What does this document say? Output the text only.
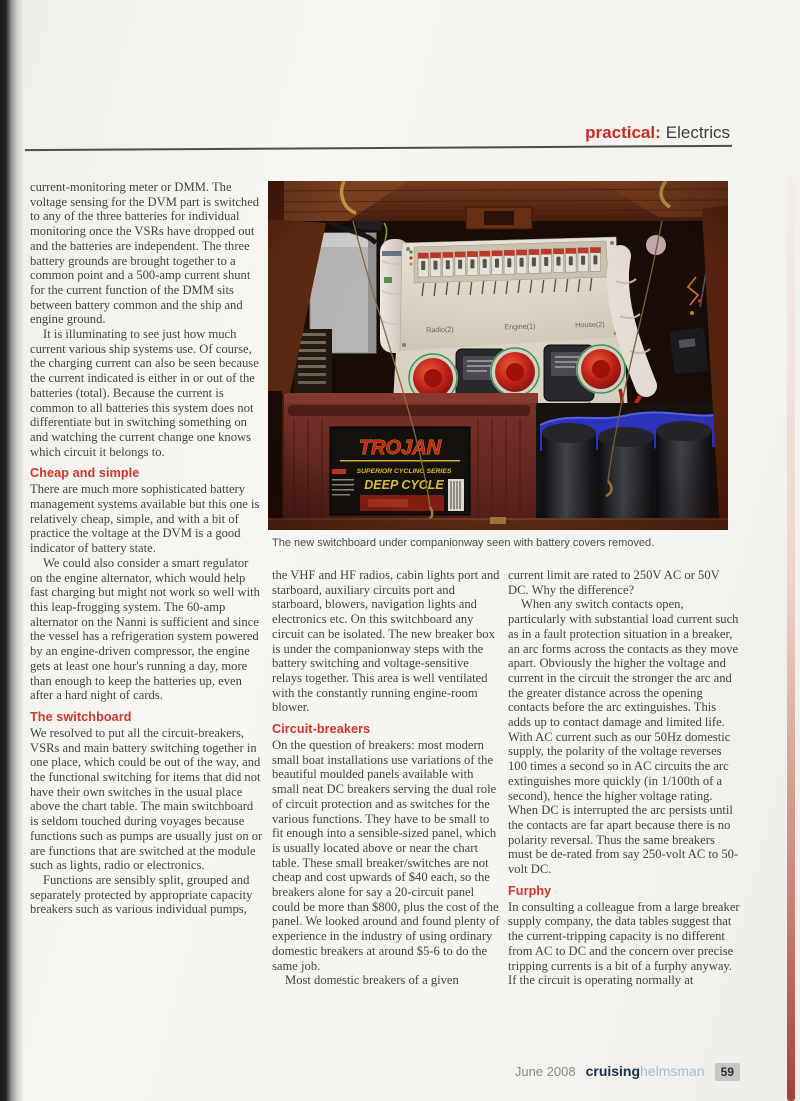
practical: Electrics
The new switchboard under companionway seen with battery covers removed.

current-monitoring meter or DMM. The voltage sensing for the DVM part is switched to any of the three batteries for individual monitoring once the VSRs have dropped out and the batteries are independent. The three battery grounds are brought together to a common point and a 500-amp current shunt for the current function of the DMM sits between battery common and the ship and engine ground.

It is illuminating to see just how much current various ship systems use. Of course, the charging current can also be seen because the current indicated is either in or out of the batteries (total). Because the current is common to all batteries this system does not differentiate but in switching something on and watching the current change one knows which circuit it belongs to.

Cheap and simple

There are much more sophisticated battery management systems available but this one is relatively cheap, simple, and with a bit of practice the voltage at the DVM is a good indicator of battery state.

We could also consider a smart regulator on the engine alternator, which would help fast charging but might not work so well with this leap-frogging system. The 60-amp alternator on the Nanni is sufficient and since the vessel has a refrigeration system powered by an engine-driven compressor, the engine gets at least one hour's running a day, more than enough to keep the batteries up, even after a hard night of cards.

The switchboard

We resolved to put all the circuit-breakers, VSRs and main battery switching together in one place, which could be out of the way, and the functional switching for items that did not have their own switches in the usual place above the chart table. The main switchboard is seldom touched during voyages because functions such as pumps are usually just on or are functions that are switched at the module such as lights, radio or electronics.

Functions are sensibly split, grouped and separately protected by appropriate capacity breakers such as various individual pumps,

the VHF and HF radios, cabin lights port and starboard, auxiliary circuits port and starboard, blowers, navigation lights and electronics etc. On this switchboard any circuit can be isolated. The new breaker box is under the companionway steps with the battery switching and voltage-sensitive relays together. This area is well ventilated with the constantly running engine-room blower.

Circuit-breakers

On the question of breakers: most modern small boat installations use variations of the beautiful moulded panels available with small neat DC breakers serving the dual role of circuit protection and as switches for the various functions. They have to be small to fit enough into a sensible-sized panel, which is usually located above or near the chart table. These small breaker/switches are not cheap and cost upwards of $40 each, so the breakers alone for say a 20-circuit panel could be more than $800, plus the cost of the panel. We looked around and found plenty of experience in the industry of using ordinary domestic breakers at around $5-6 to do the same job.

Most domestic breakers of a given

current limit are rated to 250V AC or 50V DC. Why the difference?

When any switch contacts open, particularly with substantial load current such as in a fault protection situation in a breaker, an arc forms across the contacts as they move apart. Obviously the higher the voltage and current in the circuit the stronger the arc and the greater distance across the opening contacts before the arc extinguishes. This adds up to contact damage and limited life. With AC current such as our 50Hz domestic supply, the polarity of the voltage reverses 100 times a second so in AC circuits the arc extinguishes more quickly (in 1/100th of a second), hence the higher voltage rating. When DC is interrupted the arc persists until the contacts are far apart because there is no polarity reversal. Thus the same breakers must be de-rated from say 250-volt AC to 50-volt DC.

Furphy

In consulting a colleague from a large breaker supply company, the data tables suggest that the current-tripping capacity is no different from AC to DC and the concern over precise tripping currents is a bit of a furphy anyway. If the circuit is operating normally at

June 2008 cruising helmsman	59
